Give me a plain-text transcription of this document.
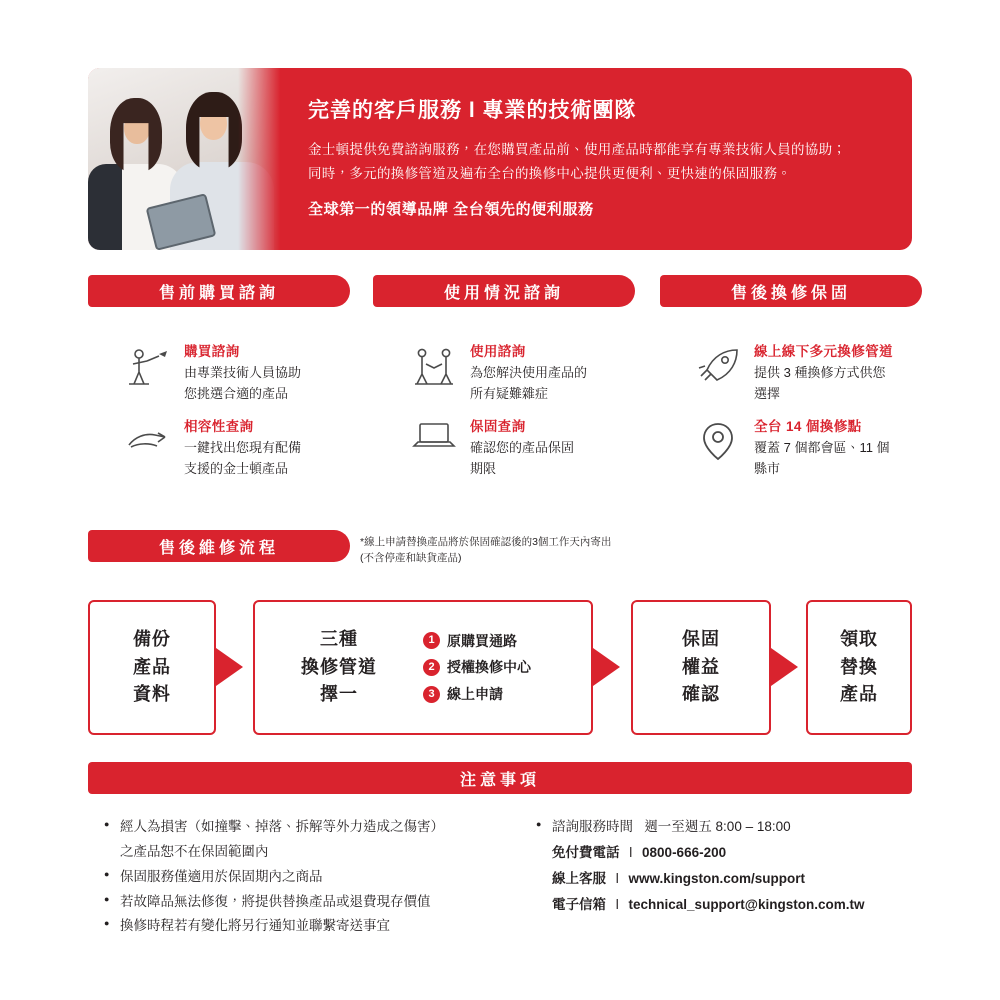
完善的客戶服務 l 專業的技術團隊
金士頓提供免費諮詢服務，在您購買產品前、使用產品時都能享有專業技術人員的協助；
同時，多元的換修管道及遍布全台的換修中心提供更便利、更快速的保固服務。
全球第一的領導品牌 全台領先的便利服務
售前購買諮詢	使用情況諮詢	售後換修保固
購買諮詢
由專業技術人員協助
您挑選合適的產品
相容性查詢
一鍵找出您現有配備
支援的金士頓產品
使用諮詢
為您解決使用產品的
所有疑難雜症
保固查詢
確認您的產品保固
期限
線上線下多元換修管道
提供 3 種換修方式供您
選擇
全台 14 個換修點
覆蓋 7 個都會區、11 個
縣市
售後維修流程	*線上申請替換產品將於保固確認後的3個工作天內寄出
(不含停產和缺貨產品)
備份
產品
資料
三種
換修管道
擇一
1 原購買通路
2 授權換修中心
3 線上申請
保固
權益
確認
領取
替換
產品
注意事項
● 經人為損害（如撞擊、掉落、拆解等外力造成之傷害）
之產品恕不在保固範圍內
● 保固服務僅適用於保固期內之商品
● 若故障品無法修復，將提供替換產品或退費現存價值
● 換修時程若有變化將另行通知並聯繫寄送事宜
● 諮詢服務時間 週一至週五 8:00 – 18:00
免付費電話 l 0800-666-200
線上客服 l www.kingston.com/support
電子信箱 l technical_support@kingston.com.tw
